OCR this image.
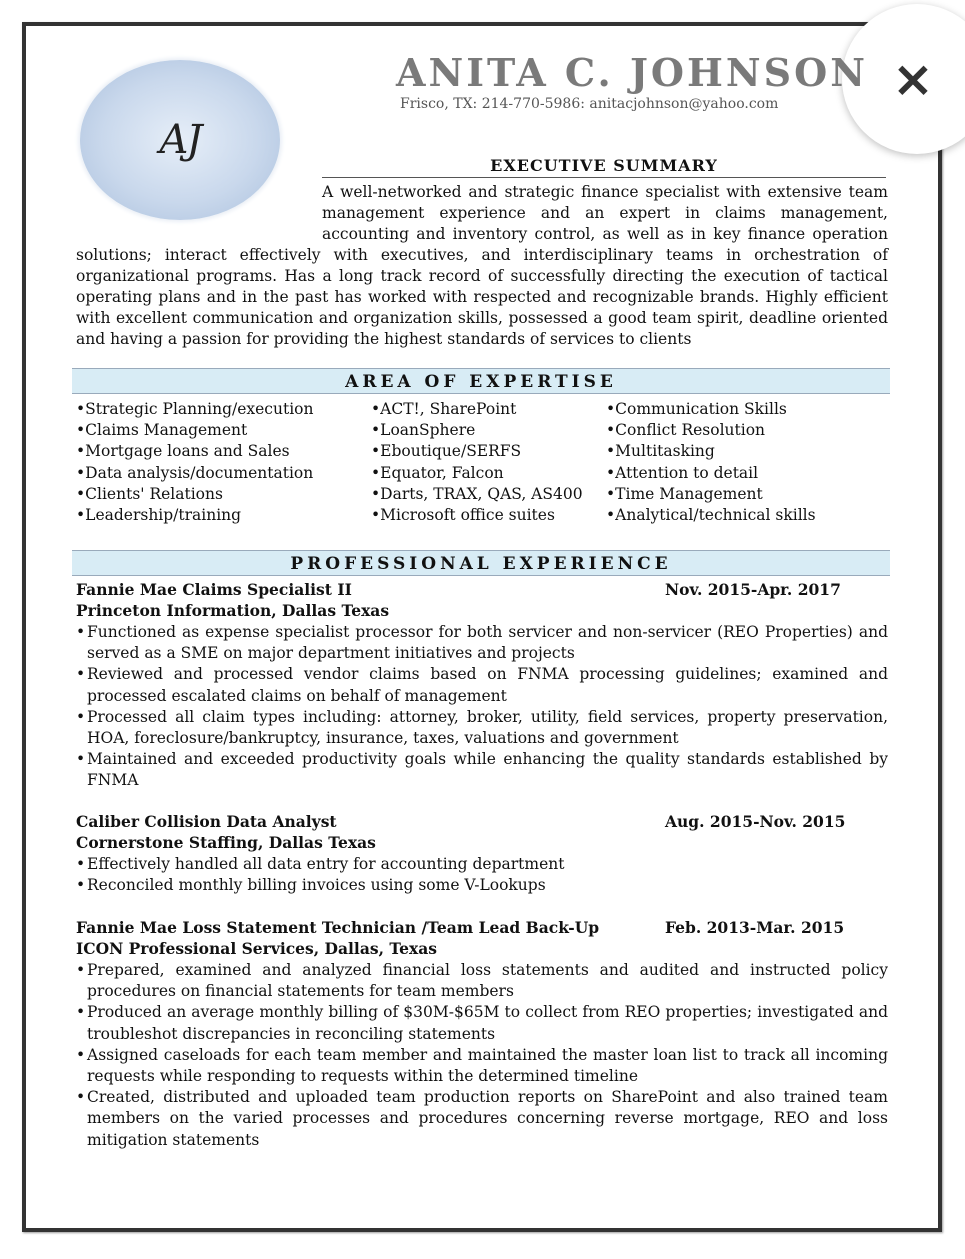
×
AJ
ANITA C. JOHNSON
Frisco, TX: 214-770-5986: anitacjohnson@yahoo.com
EXECUTIVE SUMMARY
A well-networked and strategic finance specialist with extensive team management experience and an expert in claims management, accounting and inventory control, as well as in key finance operation
solutions; interact effectively with executives, and interdisciplinary teams in orchestration of organizational programs. Has a long track record of successfully directing the execution of tactical operating plans and in the past has worked with respected and recognizable brands. Highly efficient with excellent communication and organization skills, possessed a good team spirit, deadline oriented and having a passion for providing the highest standards of services to clients
AREA OF EXPERTISE
• Strategic Planning/execution
• Claims Management
• Mortgage loans and Sales
• Data analysis/documentation
• Clients' Relations
• Leadership/training
• ACT!, SharePoint
• LoanSphere
• Eboutique/SERFS
• Equator, Falcon
• Darts, TRAX, QAS, AS400
• Microsoft office suites
• Communication Skills
• Conflict Resolution
• Multitasking
• Attention to detail
• Time Management
• Analytical/technical skills
PROFESSIONAL EXPERIENCE
Fannie Mae Claims Specialist II	Nov. 2015-Apr. 2017
Princeton Information, Dallas Texas
• Functioned as expense specialist processor for both servicer and non-servicer (REO Properties) and served as a SME on major department initiatives and projects
• Reviewed and processed vendor claims based on FNMA processing guidelines; examined and processed escalated claims on behalf of management
• Processed all claim types including: attorney, broker, utility, field services, property preservation, HOA, foreclosure/bankruptcy, insurance, taxes, valuations and government
• Maintained and exceeded productivity goals while enhancing the quality standards established by FNMA
Caliber Collision Data Analyst	Aug. 2015-Nov. 2015
Cornerstone Staffing, Dallas Texas
• Effectively handled all data entry for accounting department
• Reconciled monthly billing invoices using some V-Lookups
Fannie Mae Loss Statement Technician /Team Lead Back-Up	Feb. 2013-Mar. 2015
ICON Professional Services, Dallas, Texas
• Prepared, examined and analyzed financial loss statements and audited and instructed policy procedures on financial statements for team members
• Produced an average monthly billing of $30M-$65M to collect from REO properties; investigated and troubleshot discrepancies in reconciling statements
• Assigned caseloads for each team member and maintained the master loan list to track all incoming requests while responding to requests within the determined timeline
• Created, distributed and uploaded team production reports on SharePoint and also trained team members on the varied processes and procedures concerning reverse mortgage, REO and loss mitigation statements
